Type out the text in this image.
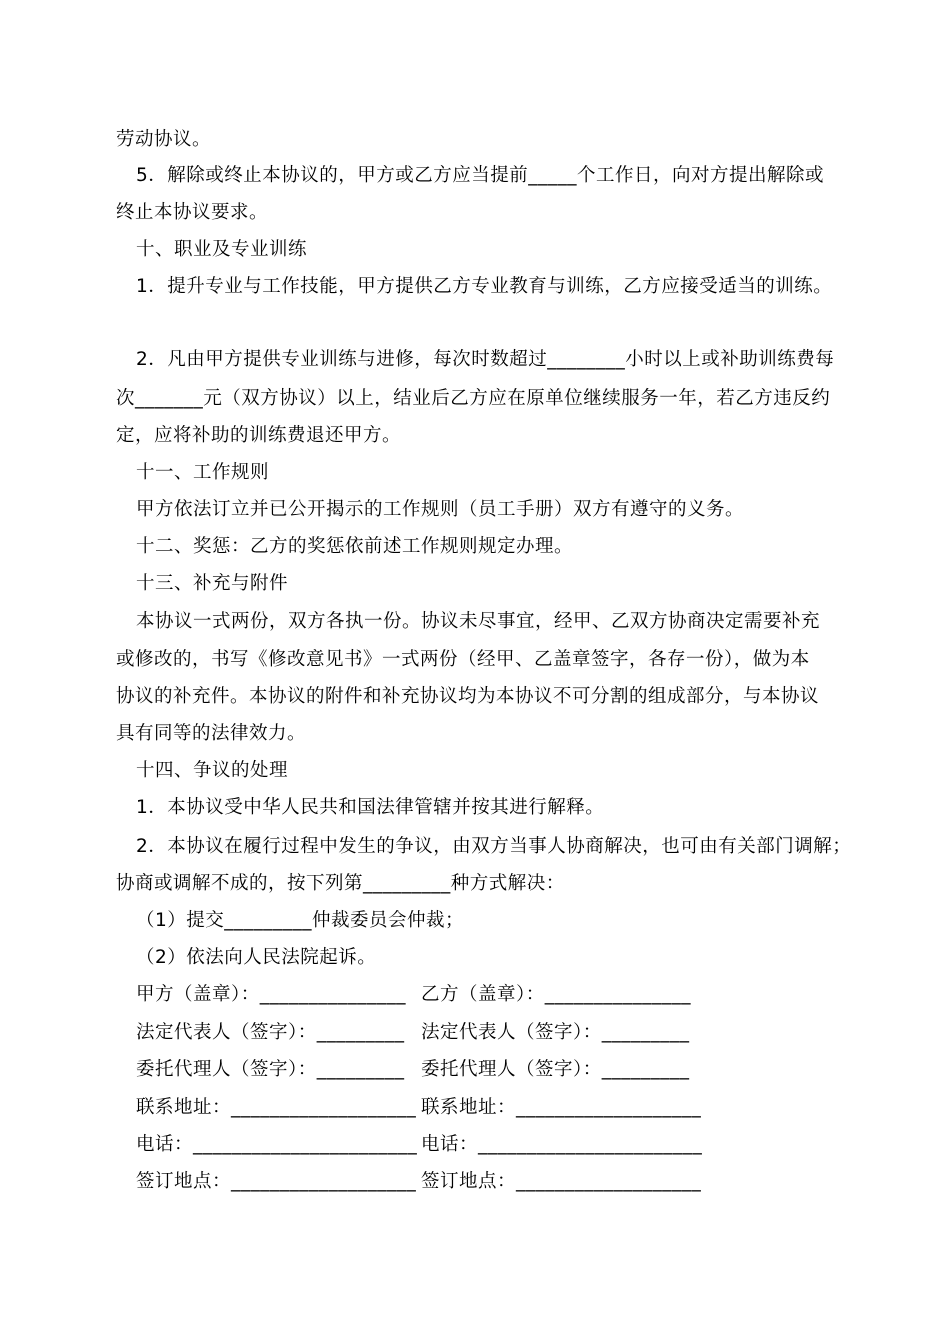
劳动协议。
5．解除或终止本协议的，甲方或乙方应当提前_____个工作日，向对方提出解除或
终止本协议要求。
十、职业及专业训练
1．提升专业与工作技能，甲方提供乙方专业教育与训练，乙方应接受适当的训练。
2．凡由甲方提供专业训练与进修，每次时数超过________小时以上或补助训练费每
次_______元（双方协议）以上，结业后乙方应在原单位继续服务一年，若乙方违反约
定，应将补助的训练费退还甲方。
十一、工作规则
甲方依法订立并已公开揭示的工作规则（员工手册）双方有遵守的义务。
十二、奖惩：乙方的奖惩依前述工作规则规定办理。
十三、补充与附件
本协议一式两份，双方各执一份。协议未尽事宜，经甲、乙双方协商决定需要补充
或修改的，书写《修改意见书》一式两份（经甲、乙盖章签字，各存一份），做为本
协议的补充件。本协议的附件和补充协议均为本协议不可分割的组成部分，与本协议
具有同等的法律效力。
十四、争议的处理
1．本协议受中华人民共和国法律管辖并按其进行解释。
2．本协议在履行过程中发生的争议，由双方当事人协商解决，也可由有关部门调解；
协商或调解不成的，按下列第_________种方式解决：
（1）提交_________仲裁委员会仲裁；
（2）依法向人民法院起诉。
甲方（盖章）：_______________ 乙方（盖章）：_______________
法定代表人（签字）：_________ 法定代表人（签字）：_________
委托代理人（签字）：_________ 委托代理人（签字）：_________
联系地址：___________________ 联系地址：___________________
电话：_______________________ 电话：_______________________
签订地点：___________________ 签订地点：___________________
